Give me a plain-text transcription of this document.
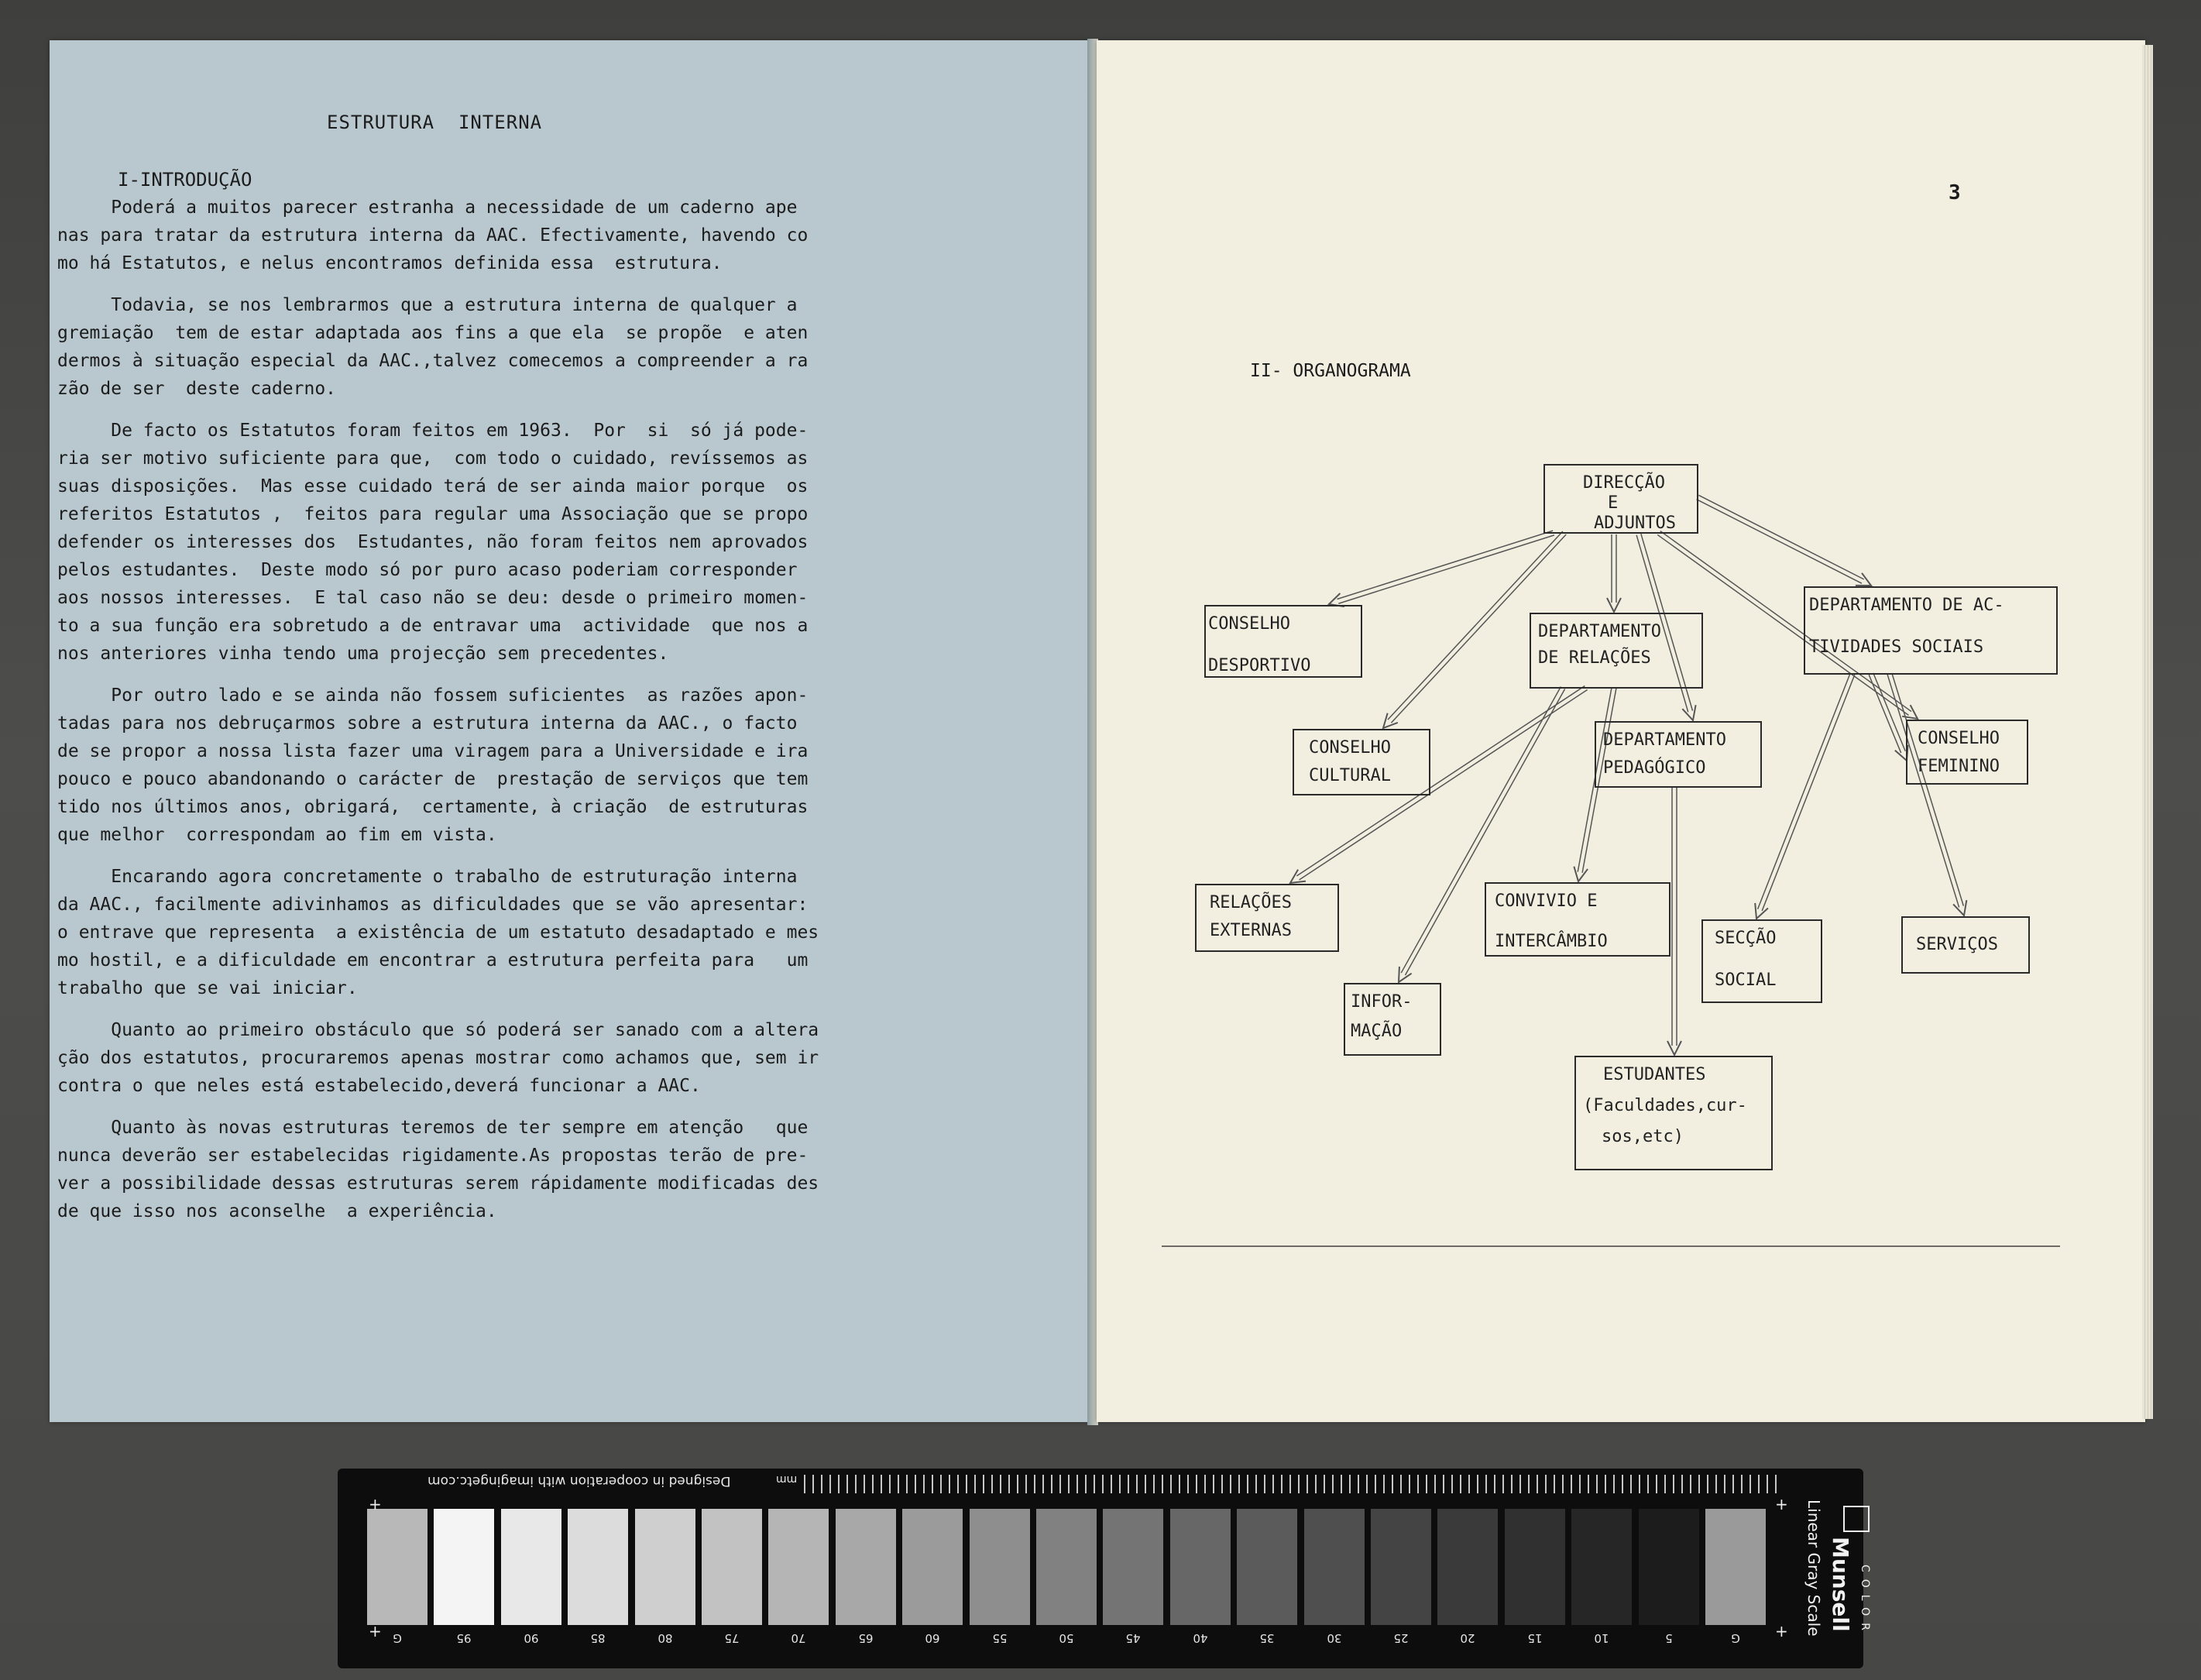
ESTRUTURA  INTERNA
I-INTRODUÇÃO
Poderá a muitos parecer estranha a necessidade de um caderno ape
nas para tratar da estrutura interna da AAC. Efectivamente, havendo co
mo há Estatutos, e nelus encontramos definida essa  estrutura.
Todavia, se nos lembrarmos que a estrutura interna de qualquer a
gremiação  tem de estar adaptada aos fins a que ela  se propõe  e aten
dermos à situação especial da AAC.,talvez comecemos a compreender a ra
zão de ser  deste caderno.
De facto os Estatutos foram feitos em 1963.  Por  si  só já pode-
ria ser motivo suficiente para que,  com todo o cuidado, revíssemos as
suas disposições.  Mas esse cuidado terá de ser ainda maior porque  os
referitos Estatutos ,  feitos para regular uma Associação que se propo
defender os interesses dos  Estudantes, não foram feitos nem aprovados
pelos estudantes.  Deste modo só por puro acaso poderiam corresponder
aos nossos interesses.  E tal caso não se deu: desde o primeiro momen-
to a sua função era sobretudo a de entravar uma  actividade  que nos a
nos anteriores vinha tendo uma projecção sem precedentes.
Por outro lado e se ainda não fossem suficientes  as razões apon-
tadas para nos debruçarmos sobre a estrutura interna da AAC., o facto
de se propor a nossa lista fazer uma viragem para a Universidade e ira
pouco e pouco abandonando o carácter de  prestação de serviços que tem
tido nos últimos anos, obrigará,  certamente, à criação  de estruturas
que melhor  correspondam ao fim em vista.
Encarando agora concretamente o trabalho de estruturação interna
da AAC., facilmente adivinhamos as dificuldades que se vão apresentar:
o entrave que representa  a existência de um estatuto desadaptado e mes
mo hostil, e a dificuldade em encontrar a estrutura perfeita para   um
trabalho que se vai iniciar.
Quanto ao primeiro obstáculo que só poderá ser sanado com a altera
ção dos estatutos, procuraremos apenas mostrar como achamos que, sem ir
contra o que neles está estabelecido,deverá funcionar a AAC.
Quanto às novas estruturas teremos de ter sempre em atenção   que
nunca deverão ser estabelecidas rigidamente.As propostas terão de pre-
ver a possibilidade dessas estruturas serem rápidamente modificadas des
de que isso nos aconselhe  a experiência.
3
II- ORGANOGRAMA
DIRECÇÃO
E
ADJUNTOS
CONSELHO
DESPORTIVO
DEPARTAMENTO
DE RELAÇÕES
DEPARTAMENTO DE AC-
TIVIDADES SOCIAIS
CONSELHO
CULTURAL
DEPARTAMENTO
PEDAGÓGICO
CONSELHO
FEMININO
RELAÇÕES
EXTERNAS
CONVIVIO E
INTERCÂMBIO	SECÇÃO
SOCIAL
SERVIÇOS
INFOR-
MAÇÃO
ESTUDANTES
(Faculdades,cur-
sos,etc)
mm
Designed in cooperation with imagingetc.com
G	95	90	85	80	75	70	65	60	55	50	45	40	35	30	25	20	15	10	5	G
Munsell COLOR
Linear Gray Scale
+
+
+
+
